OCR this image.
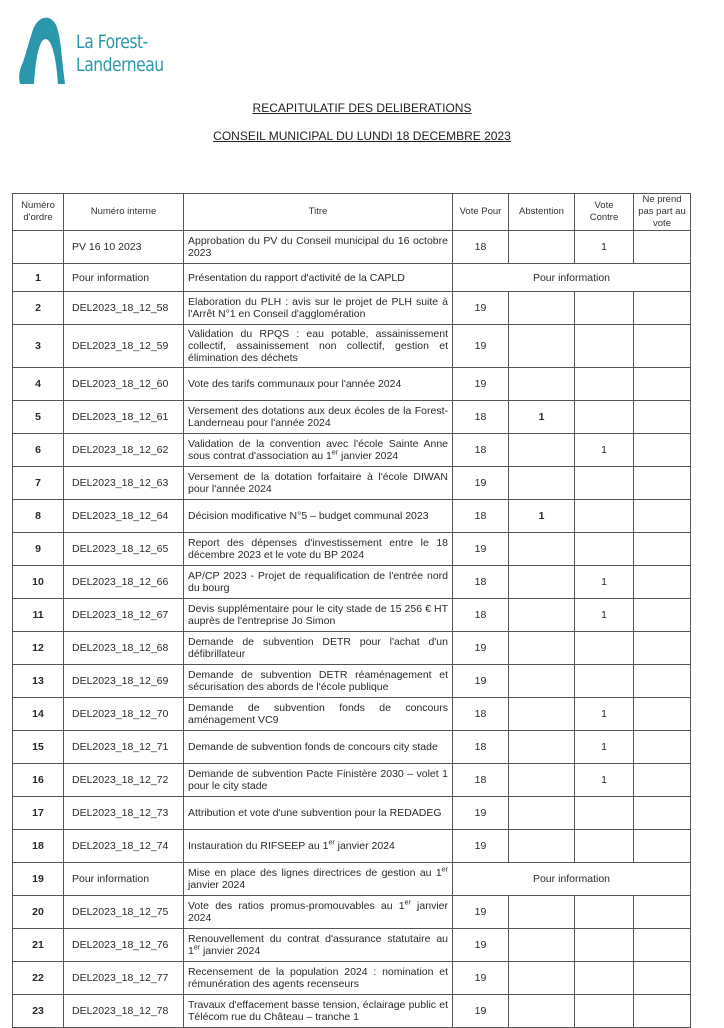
La Forest-
Landerneau
RECAPITULATIF DES DELIBERATIONS
CONSEIL MUNICIPAL DU LUNDI 18 DECEMBRE 2023
Numéro d'ordre	Numéro interne	Titre	Vote Pour	Abstention	Vote Contre	Ne prend pas part au vote
	PV 16 10 2023	Approbation du PV du Conseil municipal du 16 octobre 2023	18		1	
1	Pour information	Présentation du rapport d'activité de la CAPLD	Pour information			
2	DEL2023_18_12_58	Elaboration du PLH : avis sur le projet de PLH suite à l'Arrêt N°1 en Conseil d'agglomération	19			
3	DEL2023_18_12_59	Validation du RPQS : eau potable, assainissement collectif, assainissement non collectif, gestion et élimination des déchets	19			
4	DEL2023_18_12_60	Vote des tarifs communaux pour l'année 2024	19			
5	DEL2023_18_12_61	Versement des dotations aux deux écoles de la Forest-Landerneau pour l'année 2024	18	1		
6	DEL2023_18_12_62	Validation de la convention avec l'école Sainte Anne sous contrat d'association au 1er janvier 2024	18		1	
7	DEL2023_18_12_63	Versement de la dotation forfaitaire à l'école DIWAN pour l'année 2024	19			
8	DEL2023_18_12_64	Décision modificative N°5 – budget communal 2023	18	1		
9	DEL2023_18_12_65	Report des dépenses d'investissement entre le 18 décembre 2023 et le vote du BP 2024	19			
10	DEL2023_18_12_66	AP/CP 2023 - Projet de requalification de l'entrée nord du bourg	18		1	
11	DEL2023_18_12_67	Devis supplémentaire pour le city stade de 15 256 € HT auprès de l'entreprise Jo Simon	18		1	
12	DEL2023_18_12_68	Demande de subvention DETR pour l'achat d'un défibrillateur	19			
13	DEL2023_18_12_69	Demande de subvention DETR réaménagement et sécurisation des abords de l'école publique	19			
14	DEL2023_18_12_70	Demande de subvention fonds de concours aménagement VC9	18		1	
15	DEL2023_18_12_71	Demande de subvention fonds de concours city stade	18		1	
16	DEL2023_18_12_72	Demande de subvention Pacte Finistère 2030 – volet 1 pour le city stade	18		1	
17	DEL2023_18_12_73	Attribution et vote d'une subvention pour la REDADEG	19			
18	DEL2023_18_12_74	Instauration du RIFSEEP au 1er janvier 2024	19			
19	Pour information	Mise en place des lignes directrices de gestion au 1er janvier 2024	Pour information			
20	DEL2023_18_12_75	Vote des ratios promus-promouvables au 1er janvier 2024	19			
21	DEL2023_18_12_76	Renouvellement du contrat d'assurance statutaire au 1er janvier 2024	19			
22	DEL2023_18_12_77	Recensement de la population 2024 : nomination et rémunération des agents recenseurs	19			
23	DEL2023_18_12_78	Travaux d'effacement basse tension, éclairage public et Télécom rue du Château – tranche 1	19			
